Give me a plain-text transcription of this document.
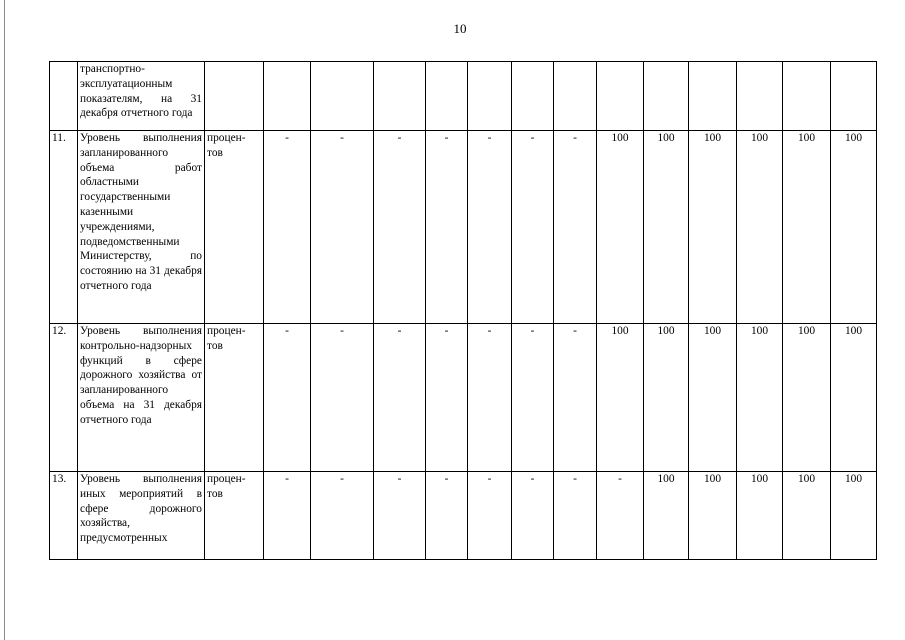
10
	транспортно-эксплуатационным показателям, на 31 декабря отчетного года														
11.	Уровень выполнения запланированного объема работ областными государственными казенными учреждениями, подведомственными Министерству, по состоянию на 31 декабря отчетного года	процен-тов	-	-	-	-	-	-	-	100	100	100	100	100	100
12.	Уровень выполнения контрольно-надзорных функций в сфере дорожного хозяйства от запланированного объема на 31 декабря отчетного года	процен-тов	-	-	-	-	-	-	-	100	100	100	100	100	100
13.	Уровень выполнения иных мероприятий в сфере дорожного хозяйства, предусмотренных	процен-тов	-	-	-	-	-	-	-	-	100	100	100	100	100
